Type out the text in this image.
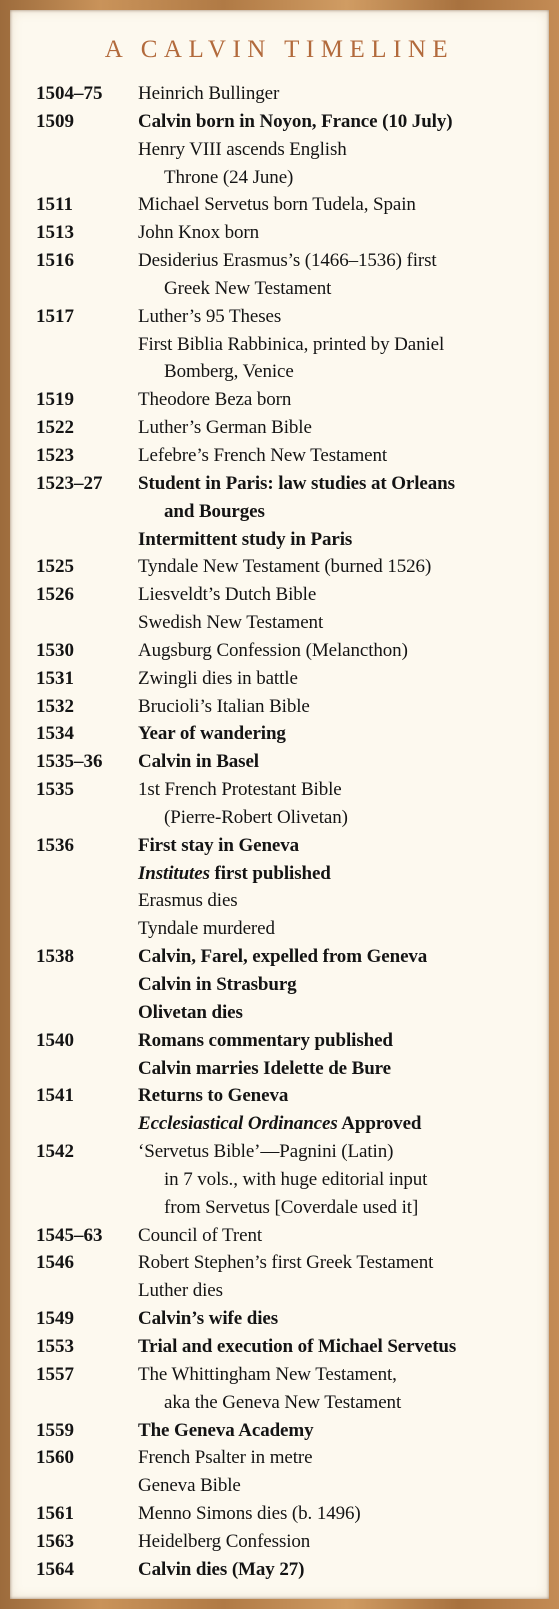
A CALVIN TIMELINE
1504–75	Heinrich Bullinger
1509	Calvin born in Noyon, France (10 July)
Henry VIII ascends English
Throne (24 June)
1511	Michael Servetus born Tudela, Spain
1513	John Knox born
1516	Desiderius Erasmus’s (1466–1536) first
Greek New Testament
1517	Luther’s 95 Theses
First Biblia Rabbinica, printed by Daniel
Bomberg, Venice
1519	Theodore Beza born
1522	Luther’s German Bible
1523	Lefebre’s French New Testament
1523–27	Student in Paris: law studies at Orleans
and Bourges
Intermittent study in Paris
1525	Tyndale New Testament (burned 1526)
1526	Liesveldt’s Dutch Bible
Swedish New Testament
1530	Augsburg Confession (Melancthon)
1531	Zwingli dies in battle
1532	Brucioli’s Italian Bible
1534	Year of wandering
1535–36	Calvin in Basel
1535	1st French Protestant Bible
(Pierre-Robert Olivetan)
1536	First stay in Geneva
Institutes first published
Erasmus dies
Tyndale murdered
1538	Calvin, Farel, expelled from Geneva
Calvin in Strasburg
Olivetan dies
1540	Romans commentary published
Calvin marries Idelette de Bure
1541	Returns to Geneva
Ecclesiastical Ordinances Approved
1542	‘Servetus Bible’—Pagnini (Latin)
in 7 vols., with huge editorial input
from Servetus [Coverdale used it]
1545–63	Council of Trent
1546	Robert Stephen’s first Greek Testament
Luther dies
1549	Calvin’s wife dies
1553	Trial and execution of Michael Servetus
1557	The Whittingham New Testament,
aka the Geneva New Testament
1559	The Geneva Academy
1560	French Psalter in metre
Geneva Bible
1561	Menno Simons dies (b. 1496)
1563	Heidelberg Confession
1564	Calvin dies (May 27)
